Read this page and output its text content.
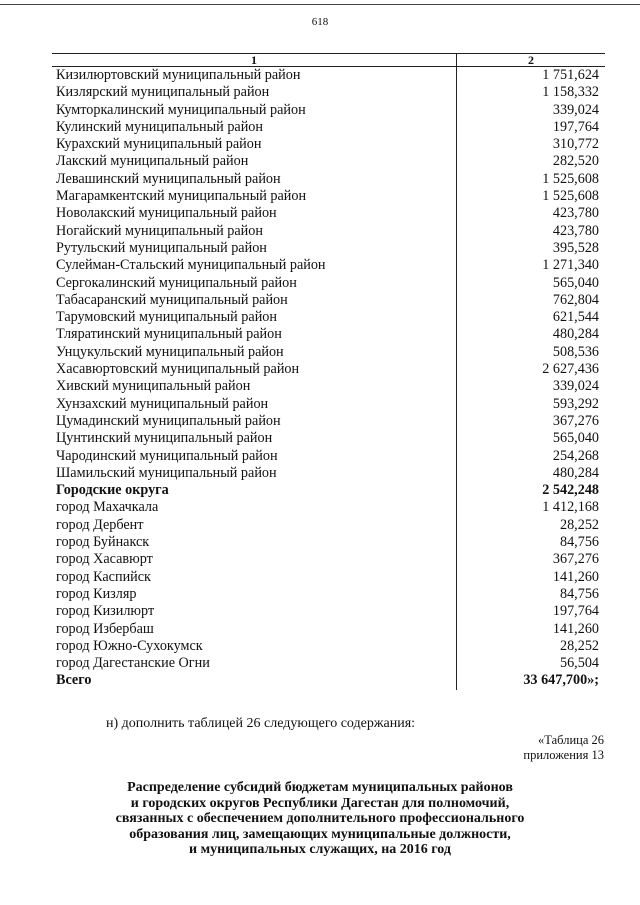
618
1	2
Кизилюртовский муниципальный район	1 751,624
Кизлярский муниципальный район	1 158,332
Кумторкалинский муниципальный район	339,024
Кулинский муниципальный район	197,764
Курахский муниципальный район	310,772
Лакский муниципальный район	282,520
Левашинский муниципальный район	1 525,608
Магарамкентский муниципальный район	1 525,608
Новолакский муниципальный район	423,780
Ногайский муниципальный район	423,780
Рутульский муниципальный район	395,528
Сулейман-Стальский муниципальный район	1 271,340
Сергокалинский муниципальный район	565,040
Табасаранский муниципальный район	762,804
Тарумовский муниципальный район	621,544
Тляратинский муниципальный район	480,284
Унцукульский муниципальный район	508,536
Хасавюртовский муниципальный район	2 627,436
Хивский муниципальный район	339,024
Хунзахский муниципальный район	593,292
Цумадинский муниципальный район	367,276
Цунтинский муниципальный район	565,040
Чародинский муниципальный район	254,268
Шамильский муниципальный район	480,284
Городские округа	2 542,248
город Махачкала	1 412,168
город Дербент	28,252
город Буйнакск	84,756
город Хасавюрт	367,276
город Каспийск	141,260
город Кизляр	84,756
город Кизилюрт	197,764
город Избербаш	141,260
город Южно-Сухокумск	28,252
город Дагестанские Огни	56,504
Всего	33 647,700»;
н) дополнить таблицей 26 следующего содержания:
«Таблица 26
приложения 13
Распределение субсидий бюджетам муниципальных районов
и городских округов Республики Дагестан для полномочий,
связанных с обеспечением дополнительного профессионального
образования лиц, замещающих муниципальные должности,
и муниципальных служащих, на 2016 год
